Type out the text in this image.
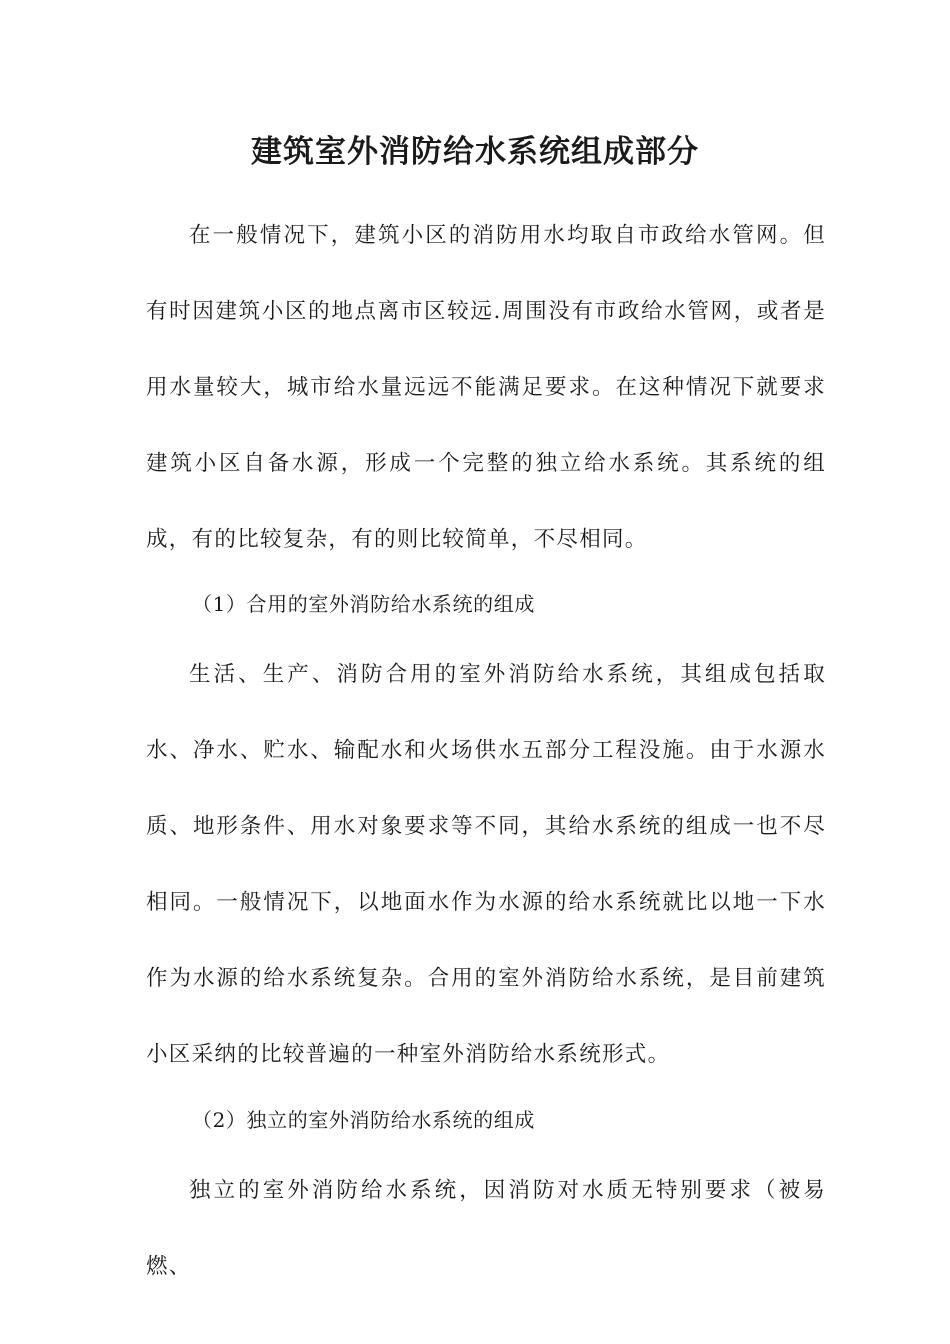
建筑室外消防给水系统组成部分

在一般情况下，建筑小区的消防用水均取自市政给水管网。但有时因建筑小区的地点离市区较远.周围没有市政给水管网，或者是用水量较大，城市给水量远远不能满足要求。在这种情况下就要求建筑小区自备水源，形成一个完整的独立给水系统。其系统的组成，有的比较复杂，有的则比较简单，不尽相同。

（1）合用的室外消防给水系统的组成

生活、生产、消防合用的室外消防给水系统，其组成包括取水、净水、贮水、输配水和火场供水五部分工程没施。由于水源水质、地形条件、用水对象要求等不同，其给水系统的组成一也不尽相同。一般情况下，以地面水作为水源的给水系统就比以地一下水作为水源的给水系统复杂。合用的室外消防给水系统，是目前建筑小区采纳的比较普遍的一种室外消防给水系统形式。

（2）独立的室外消防给水系统的组成

独立的室外消防给水系统，因消防对水质无特别要求（被易燃、
